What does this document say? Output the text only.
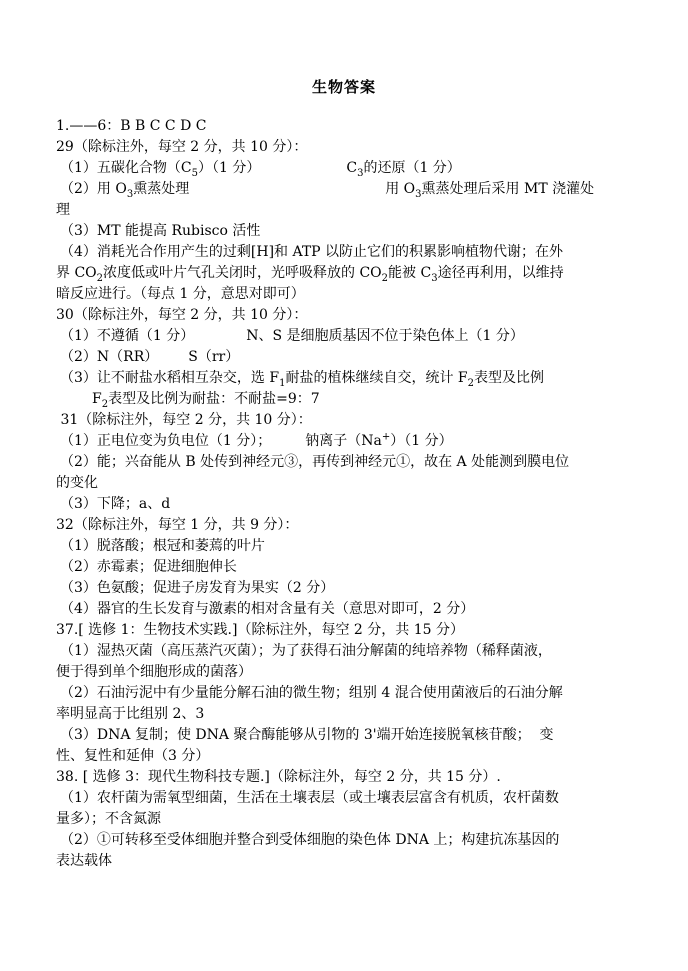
生物答案
1.——6：B B C C D C
29（除标注外，每空 2 分，共 10 分）：
（1）五碳化合物$(C_5)(1$ 分）	$C_3$的还原（1 分）
（2）用 $O_3$熏蒸处理	用 $O_3$熏蒸处理后采用 MT 浇灌处
理
（3）MT 能提高 Rubisco 活性
（4）消耗光合作用产生的过剩[H]和 ATP 以防止它们的积累影响植物代谢；在外
界 $CO_2$浓度低或叶片气孔关闭时，光呼吸释放的 $CO_2$能被 $C_3$途径再利用，以维持
暗反应进行。（每点 1 分，意思对即可）
30（除标注外，每空 2 分，共 10 分）：
（1）不遵循（1 分）	N、S 是细胞质基因不位于染色体上（1 分）
（2）N（RR） S（rr）
（3）让不耐盐水稻相互杂交，选 $F_1$耐盐的植株继续自交，统计 $F_2$表型及比例
$F_2$表型及比例为耐盐：不耐盐=9：7
31（除标注外，每空 2 分，共 10 分）：
（1）正电位变为负电位（1 分）； 钠离子（Na+）（1 分）
（2）能；兴奋能从 B 处传到神经元③，再传到神经元①，故在 A 处能测到膜电位
的变化
（3）下降；a、d
32（除标注外，每空 1 分，共 9 分）：
（1）脱落酸；根冠和萎蔫的叶片
（2）赤霉素；促进细胞伸长
（3）色氨酸；促进子房发育为果实（2 分）
（4）器官的生长发育与激素的相对含量有关（意思对即可，2 分）
37.[ 选修 1：生物技术实践.]（除标注外，每空 2 分，共 15 分）
（1）湿热灭菌（高压蒸汽灭菌）；为了获得石油分解菌的纯培养物（稀释菌液，
便于得到单个细胞形成的菌落）
（2）石油污泥中有少量能分解石油的微生物；组别 4 混合使用菌液后的石油分解
率明显高于比组别 2、3
（3）DNA 复制；使 DNA 聚合酶能够从引物的 3'端开始连接脱氧核苷酸；  变
性、复性和延伸（3 分）
38. [ 选修 3：现代生物科技专题.]（除标注外，每空 2 分，共 15 分）.
（1）农杆菌为需氧型细菌，生活在土壤表层（或土壤表层富含有机质，农杆菌数
量多）；不含氮源
（2）①可转移至受体细胞并整合到受体细胞的染色体 DNA 上；构建抗冻基因的
表达载体
